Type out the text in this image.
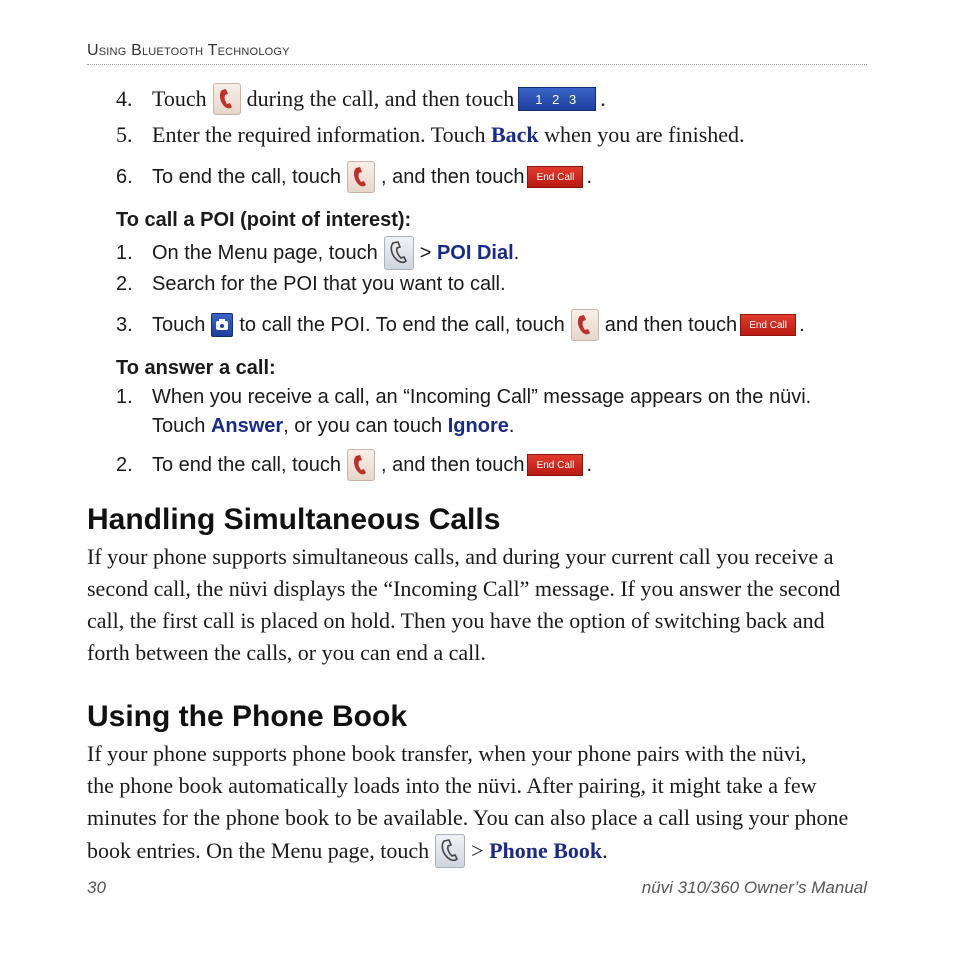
Using Bluetooth Technology
4. Touch during the call, and then touch	1 2 3 .
5. Enter the required information. Touch
Back
when you are finished.
6. To end the call, touch , and then touch	End Call .
To call a POI (point of interest):
1. On the Menu page, touch >
POI Dial .
2. Search for the POI that you want to call.
3. Touch to call the POI. To end the call, touch and then touch	End Call .
To answer a call:
1. When you receive a call, an “Incoming Call” message appears on the nüvi.
Touch
Answer , or you can touch
Ignore .
2. To end the call, touch , and then touch	End Call .
Handling Simultaneous Calls
If your phone supports simultaneous calls, and during your current call you receive a
second call, the nüvi displays the “Incoming Call” message. If you answer the second
call, the first call is placed on hold. Then you have the option of switching back and
forth between the calls, or you can end a call.
Using the Phone Book
If your phone supports phone book transfer, when your phone pairs with the nüvi,
the phone book automatically loads into the nüvi. After pairing, it might take a few
minutes for the phone book to be available. You can also place a call using your phone
book entries. On the Menu page, touch >
Phone Book .
30	nüvi 310/360 Owner’s Manual
